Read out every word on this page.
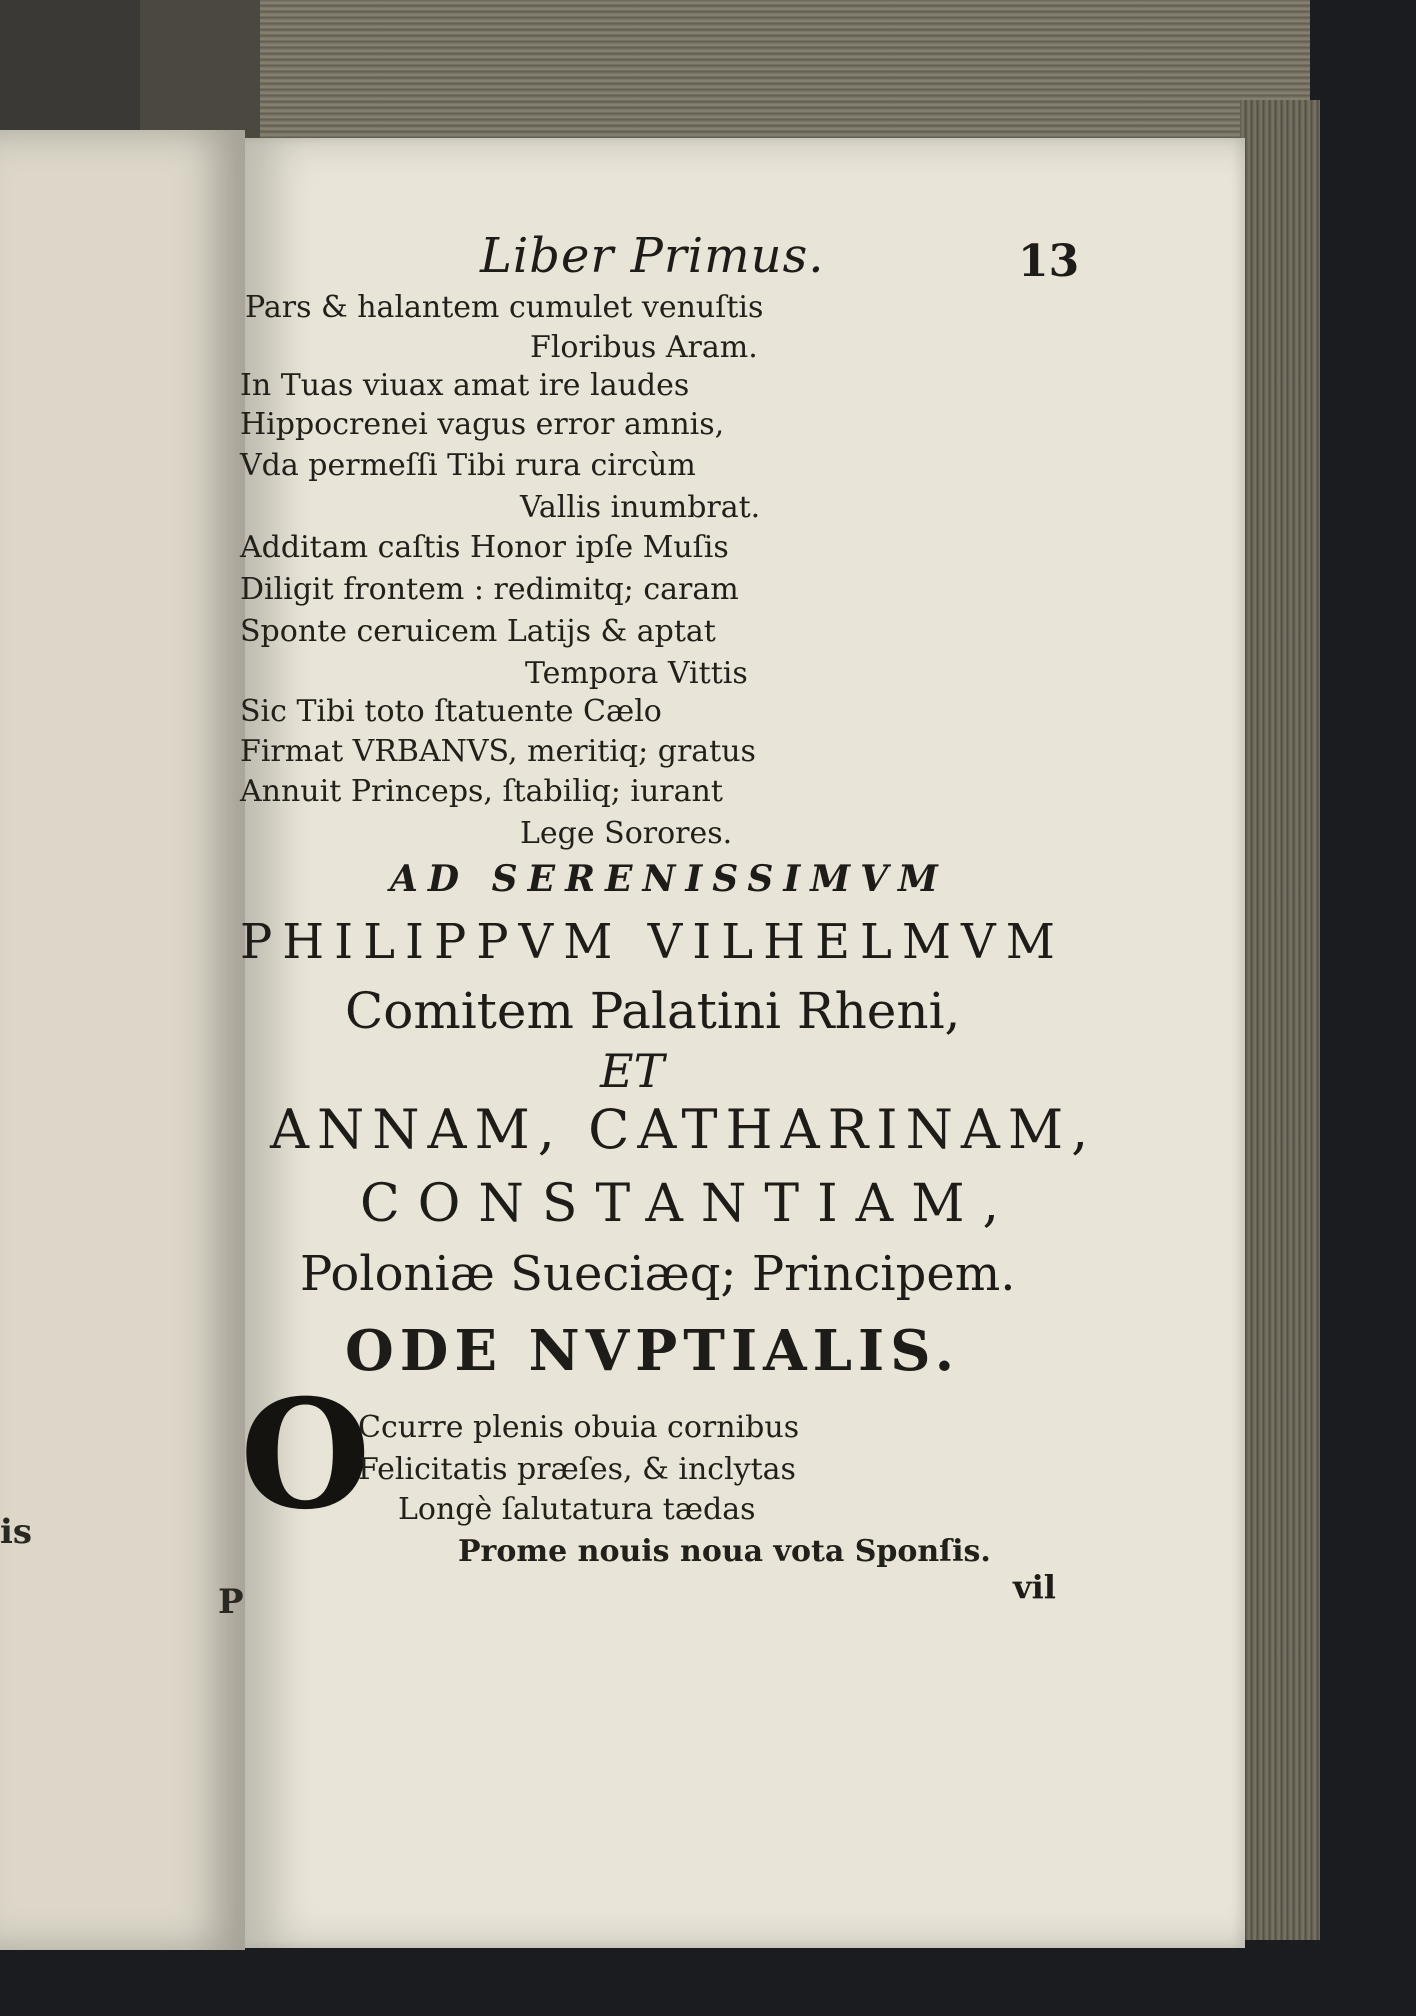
is
P
Liber Primus.	13
Pars & halantem cumulet venuſtis
Floribus Aram.
In Tuas viuax amat ire laudes
Hippocrenei vagus error amnis,
Vda permeſſi Tibi rura circùm
Vallis inumbrat.
Additam caſtis Honor ipſe Muſis
Diligit frontem : redimitq; caram
Sponte ceruicem Latijs & aptat
Tempora Vittis
Sic Tibi toto ſtatuente Cælo
Firmat VRBANVS, meritiq; gratus
Annuit Princeps, ſtabiliq; iurant
Lege Sorores.
AD SERENISSIMVM
PHILIPPVM VILHELMVM
Comitem Palatini Rheni,
ET
ANNAM, CATHARINAM,
CONSTANTIAM,
Poloniæ Sueciæq; Principem.
ODE NVPTIALIS.
O
Ccurre plenis obuia cornibus
Felicitatis præſes, & inclytas
Longè ſalutatura tædas
Prome nouis noua vota Sponſis.
vil
